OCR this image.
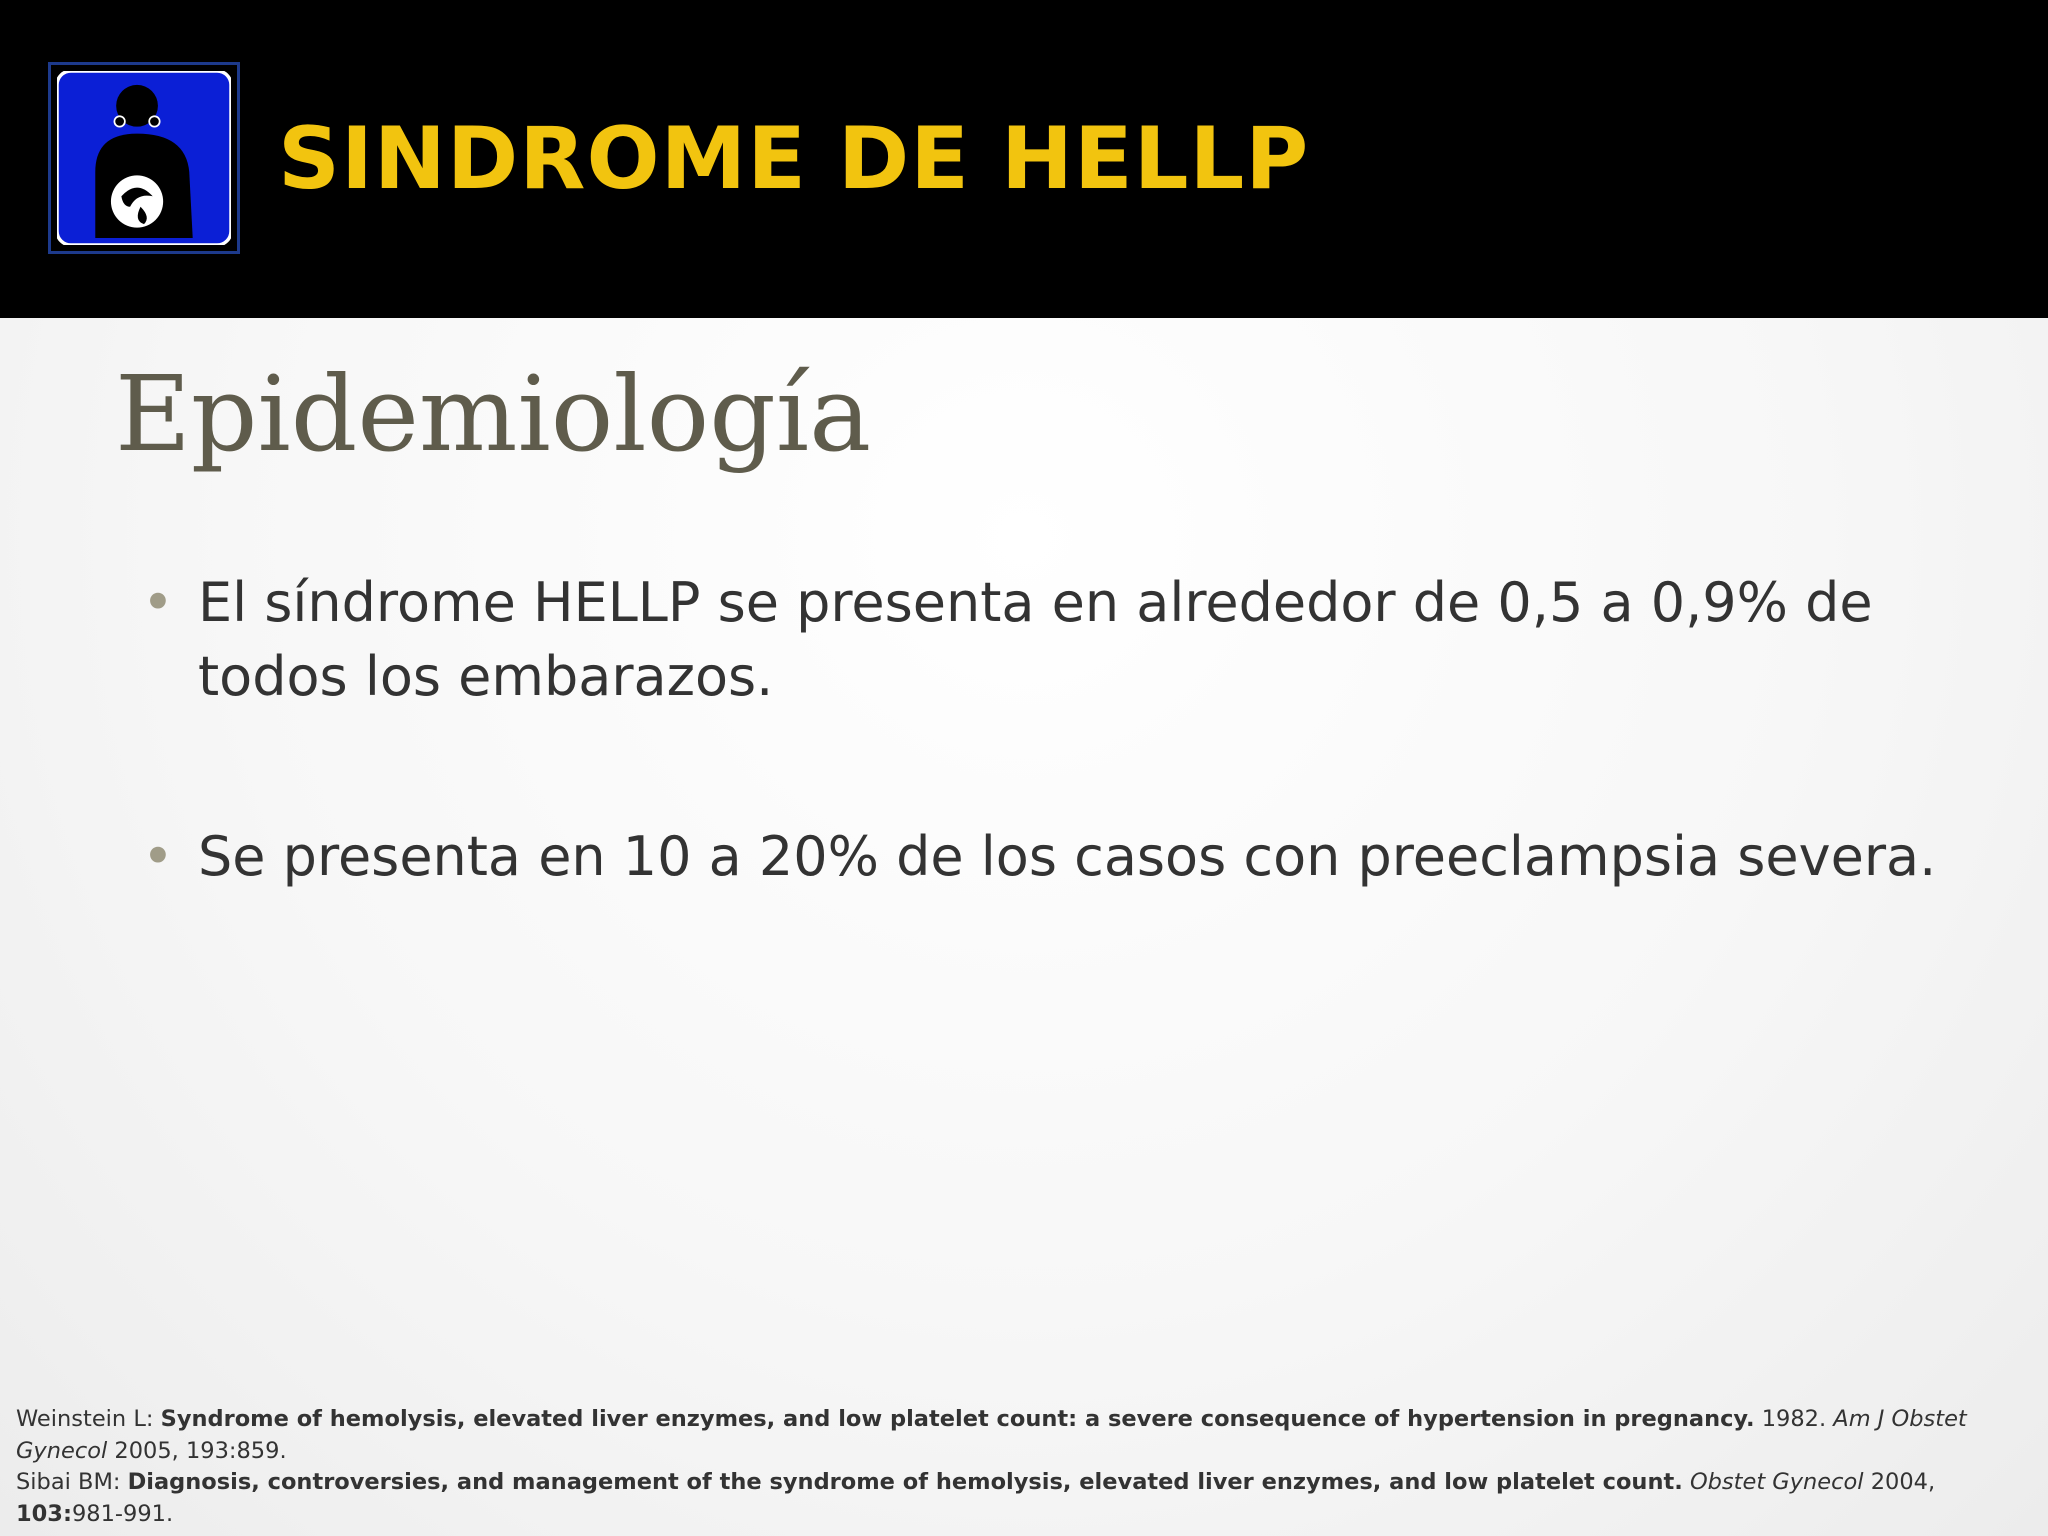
SINDROME DE HELLP
Epidemiología
• El síndrome HELLP se presenta en alrededor de 0,5 a 0,9% de todos los embarazos.
• Se presenta en 10 a 20% de los casos con preeclampsia severa.

Weinstein L: Syndrome of hemolysis, elevated liver enzymes, and low platelet count: a severe consequence of hypertension in pregnancy. 1982. Am J Obstet Gynecol 2005, 193:859.

Sibai BM: Diagnosis, controversies, and management of the syndrome of hemolysis, elevated liver enzymes, and low platelet count. Obstet Gynecol 2004, 103:981-991.
